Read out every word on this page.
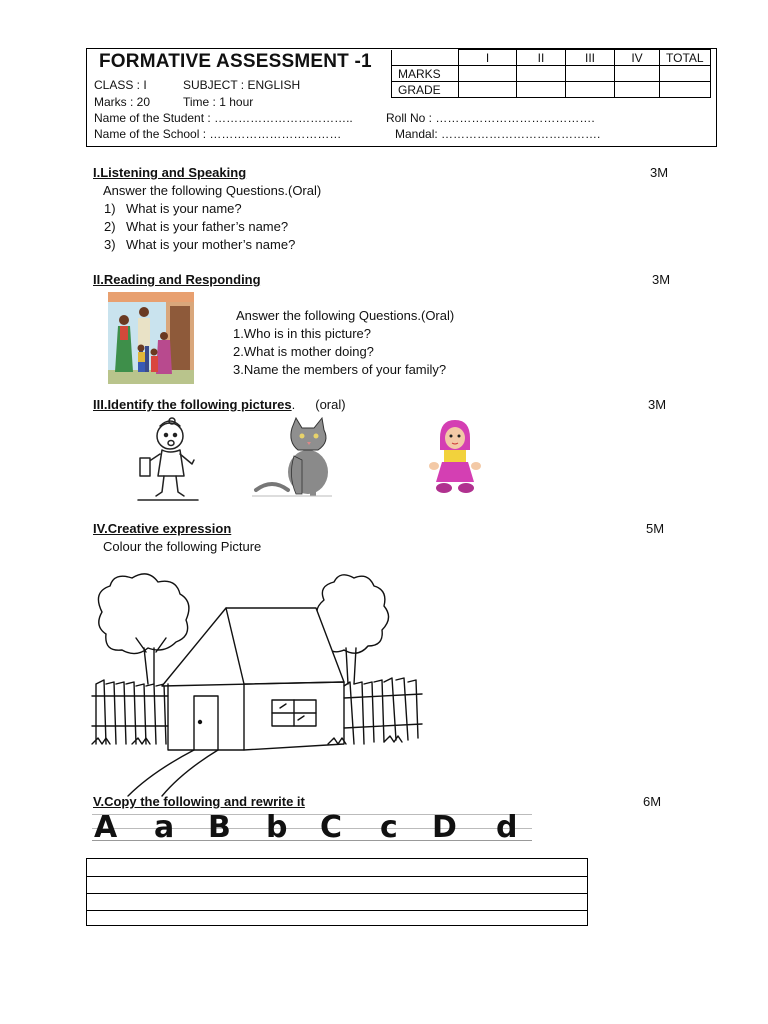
FORMATIVE ASSESSMENT -1
CLASS : I	SUBJECT : ENGLISH
Marks : 20	Time : 1 hour
Name of the Student : ……………………………..
Name of the School : ……………………………
Roll No : ………………………………….
Mandal: ………………………………….
	I	II	III	IV	TOTAL
MARKS					
GRADE					
I.Listening and Speaking	3M
Answer the following Questions.(Oral)
1) What is your name?
2) What is your father’s name?
3) What is your mother’s name?
II.Reading and Responding	3M
Answer the following Questions.(Oral)
1.Who is in this picture?
2.What is mother doing?
3.Name the members of your family?
III.Identify the following pictures. (oral)	3M
IV.Creative expression	5M
Colour the following Picture
V.Copy the following and rewrite it	6M
A a B b C c D d
